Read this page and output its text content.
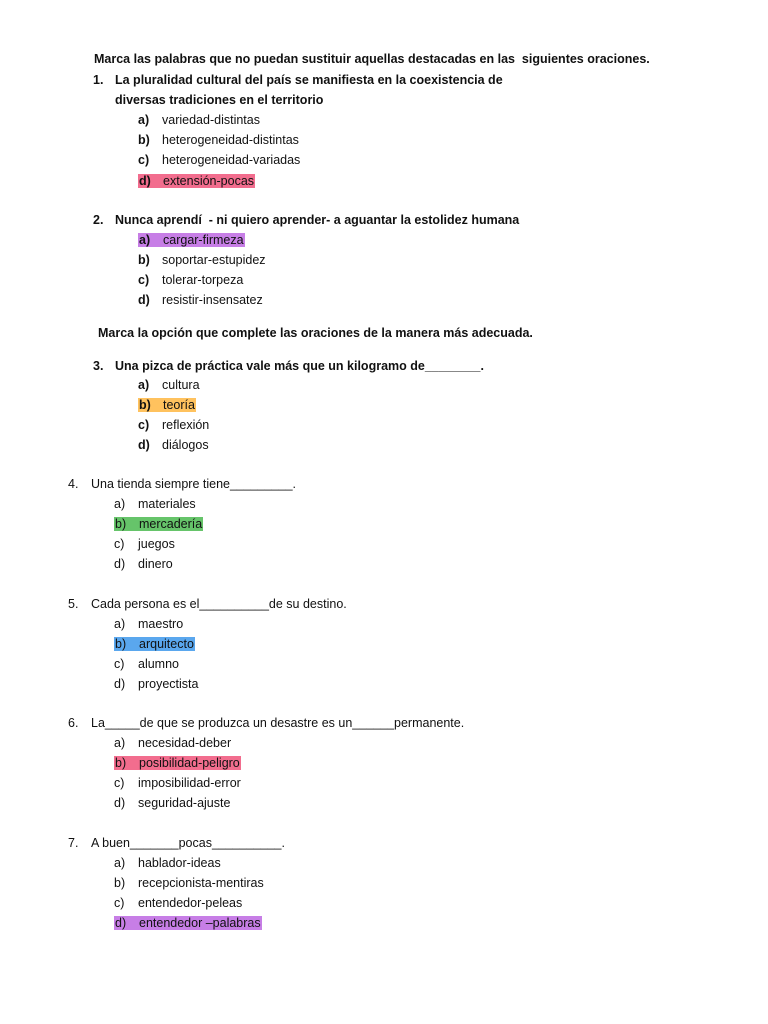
Marca las palabras que no puedan sustituir aquellas destacadas en las  siguientes oraciones.
1. La pluralidad cultural del país se manifiesta en la coexistencia de
diversas tradiciones en el territorio
a) variedad-distintas
b) heterogeneidad-distintas
c) heterogeneidad-variadas
d) extensión-pocas
2. Nunca aprendí  - ni quiero aprender- a aguantar la estolidez humana
a) cargar-firmeza
b) soportar-estupidez
c) tolerar-torpeza
d) resistir-insensatez
Marca la opción que complete las oraciones de la manera más adecuada.
3. Una pizca de práctica vale más que un kilogramo de________.
a) cultura
b) teoría
c) reflexión
d) diálogos
4. Una tienda siempre tiene_________.
a) materiales
b) mercadería
c) juegos
d) dinero
5. Cada persona es el__________de su destino.
a) maestro
b) arquitecto
c) alumno
d) proyectista
6. La_____de que se produzca un desastre es un______permanente.
a) necesidad-deber
b) posibilidad-peligro
c) imposibilidad-error
d) seguridad-ajuste
7. A buen_______pocas__________.
a) hablador-ideas
b) recepcionista-mentiras
c) entendedor-peleas
d) entendedor –palabras
